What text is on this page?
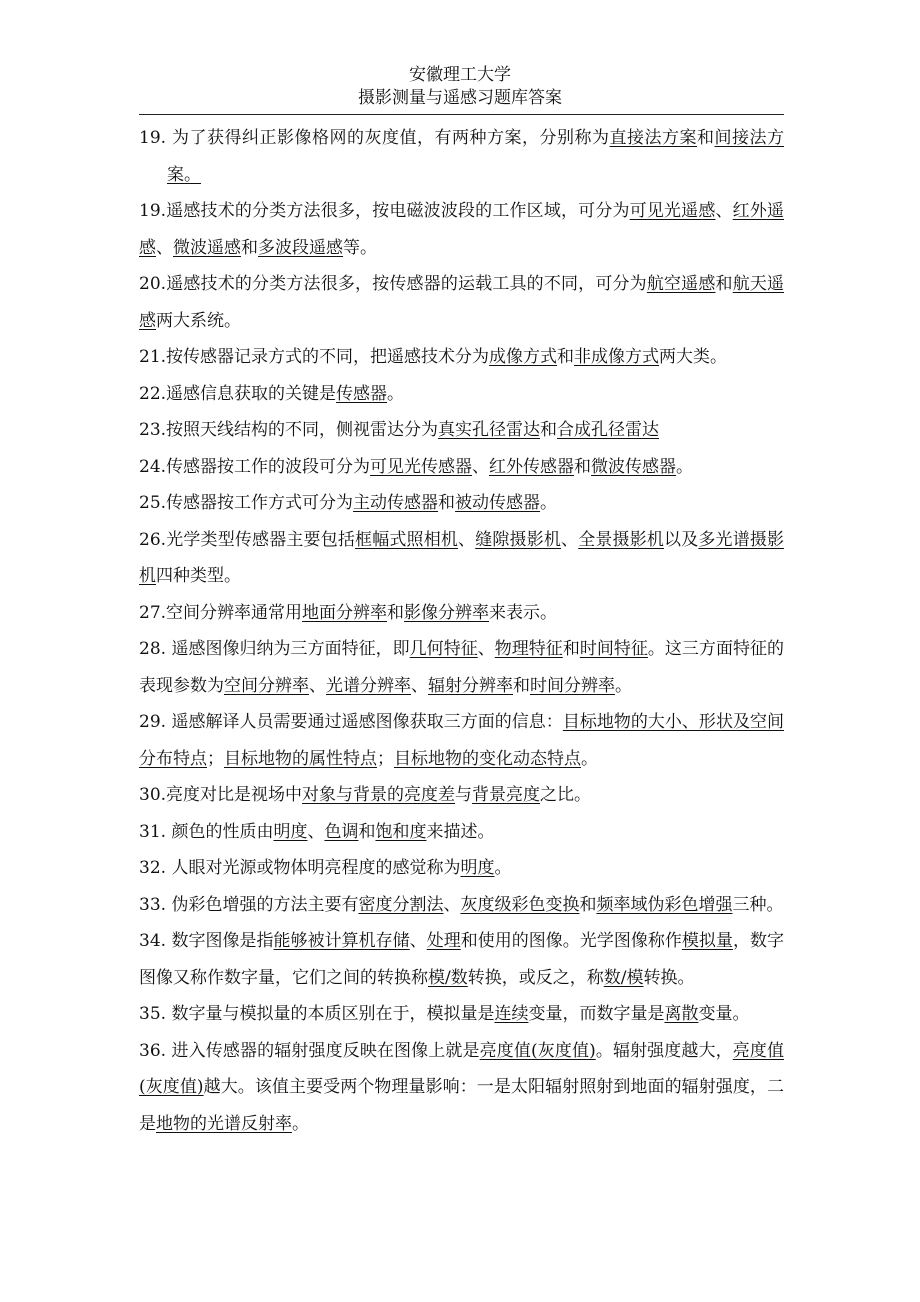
安徽理工大学
摄影测量与遥感习题库答案

19. 为了获得纠正影像格网的灰度值，有两种方案，分别称为直接法方案和间接法方案。

19.遥感技术的分类方法很多，按电磁波波段的工作区域，可分为可见光遥感、红外遥感、微波遥感和多波段遥感等。

20.遥感技术的分类方法很多，按传感器的运载工具的不同，可分为航空遥感和航天遥感两大系统。

21.按传感器记录方式的不同，把遥感技术分为成像方式和非成像方式两大类。

22.遥感信息获取的关键是传感器。

23.按照天线结构的不同，侧视雷达分为真实孔径雷达和合成孔径雷达

24.传感器按工作的波段可分为可见光传感器、红外传感器和微波传感器。

25.传感器按工作方式可分为主动传感器和被动传感器。

26.光学类型传感器主要包括框幅式照相机、缝隙摄影机、全景摄影机以及多光谱摄影机四种类型。

27.空间分辨率通常用地面分辨率和影像分辨率来表示。

28. 遥感图像归纳为三方面特征，即几何特征、物理特征和时间特征。这三方面特征的表现参数为空间分辨率、光谱分辨率、辐射分辨率和时间分辨率。

29. 遥感解译人员需要通过遥感图像获取三方面的信息：目标地物的大小、形状及空间分布特点；目标地物的属性特点；目标地物的变化动态特点。

30.亮度对比是视场中对象与背景的亮度差与背景亮度之比。

31. 颜色的性质由明度、色调和饱和度来描述。

32. 人眼对光源或物体明亮程度的感觉称为明度。

33. 伪彩色增强的方法主要有密度分割法、灰度级彩色变换和频率域伪彩色增强三种。

34. 数字图像是指能够被计算机存储、处理和使用的图像。光学图像称作模拟量，数字图像又称作数字量，它们之间的转换称模/数转换，或反之，称数/模转换。

35. 数字量与模拟量的本质区别在于，模拟量是连续变量，而数字量是离散变量。

36. 进入传感器的辐射强度反映在图像上就是亮度值(灰度值)。辐射强度越大，亮度值(灰度值)越大。该值主要受两个物理量影响：一是太阳辐射照射到地面的辐射强度，二是地物的光谱反射率。
